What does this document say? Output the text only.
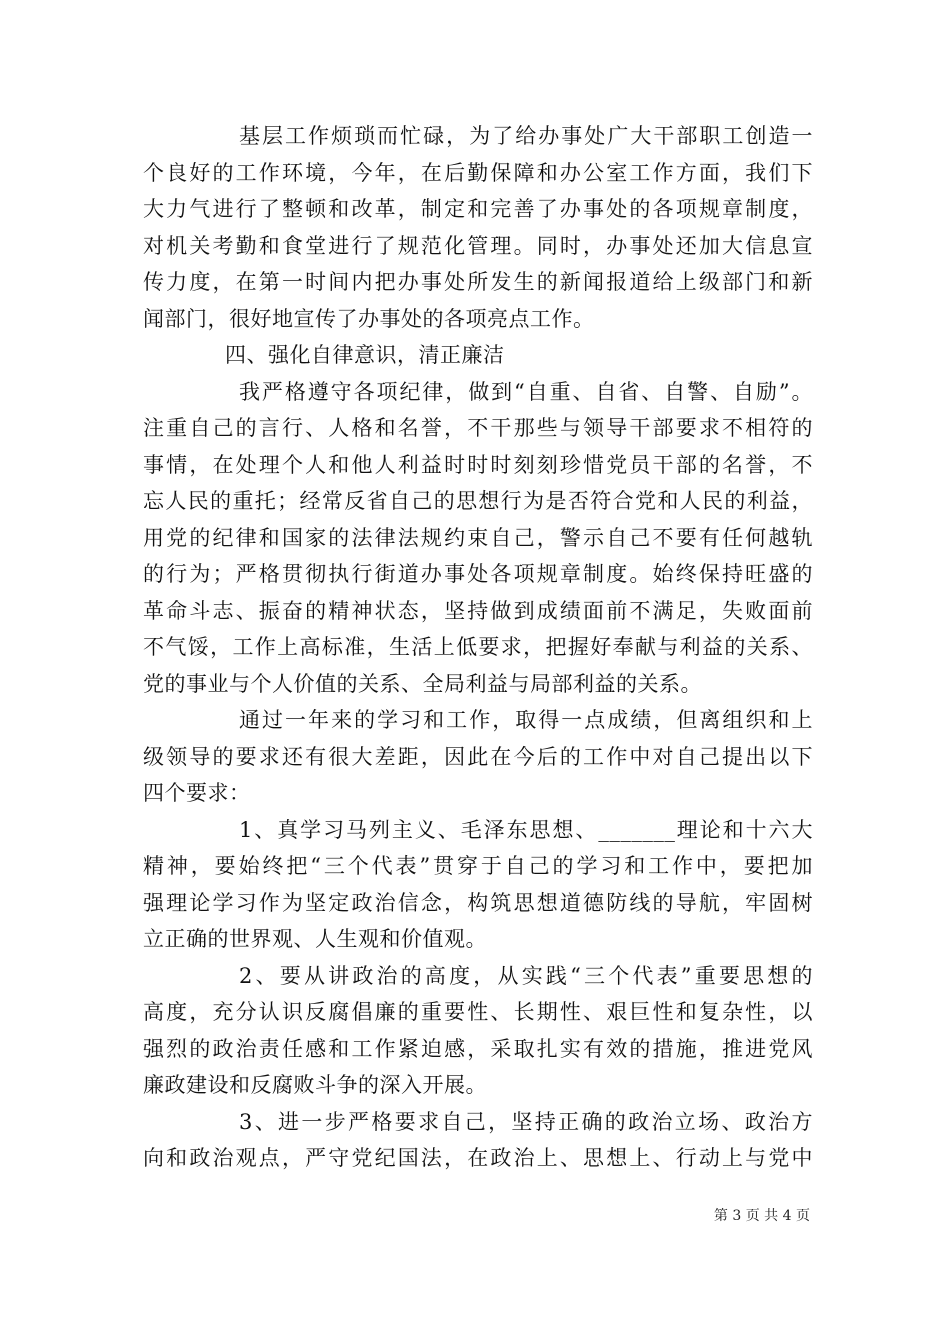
基层工作烦琐而忙碌，为了给办事处广大干部职工创造一
个良好的工作环境，今年，在后勤保障和办公室工作方面，我们下
大力气进行了整顿和改革，制定和完善了办事处的各项规章制度，
对机关考勤和食堂进行了规范化管理。同时，办事处还加大信息宣
传力度，在第一时间内把办事处所发生的新闻报道给上级部门和新
闻部门，很好地宣传了办事处的各项亮点工作。
四、强化自律意识，清正廉洁
我严格遵守各项纪律，做到“自重、自省、自警、自励”。
注重自己的言行、人格和名誉，不干那些与领导干部要求不相符的
事情，在处理个人和他人利益时时时刻刻珍惜党员干部的名誉，不
忘人民的重托；经常反省自己的思想行为是否符合党和人民的利益，
用党的纪律和国家的法律法规约束自己，警示自己不要有任何越轨
的行为；严格贯彻执行街道办事处各项规章制度。始终保持旺盛的
革命斗志、振奋的精神状态，坚持做到成绩面前不满足，失败面前
不气馁，工作上高标准，生活上低要求，把握好奉献与利益的关系、
党的事业与个人价值的关系、全局利益与局部利益的关系。
通过一年来的学习和工作，取得一点成绩，但离组织和上
级领导的要求还有很大差距，因此在今后的工作中对自己提出以下
四个要求：
1、真学习马列主义、毛泽东思想、_______理论和十六大
精神，要始终把“三个代表”贯穿于自己的学习和工作中，要把加
强理论学习作为坚定政治信念，构筑思想道德防线的导航，牢固树
立正确的世界观、人生观和价值观。
2、要从讲政治的高度，从实践“三个代表”重要思想的
高度，充分认识反腐倡廉的重要性、长期性、艰巨性和复杂性，以
强烈的政治责任感和工作紧迫感，采取扎实有效的措施，推进党风
廉政建设和反腐败斗争的深入开展。
3、进一步严格要求自己，坚持正确的政治立场、政治方
向和政治观点，严守党纪国法，在政治上、思想上、行动上与党中
第 3 页 共 4 页
